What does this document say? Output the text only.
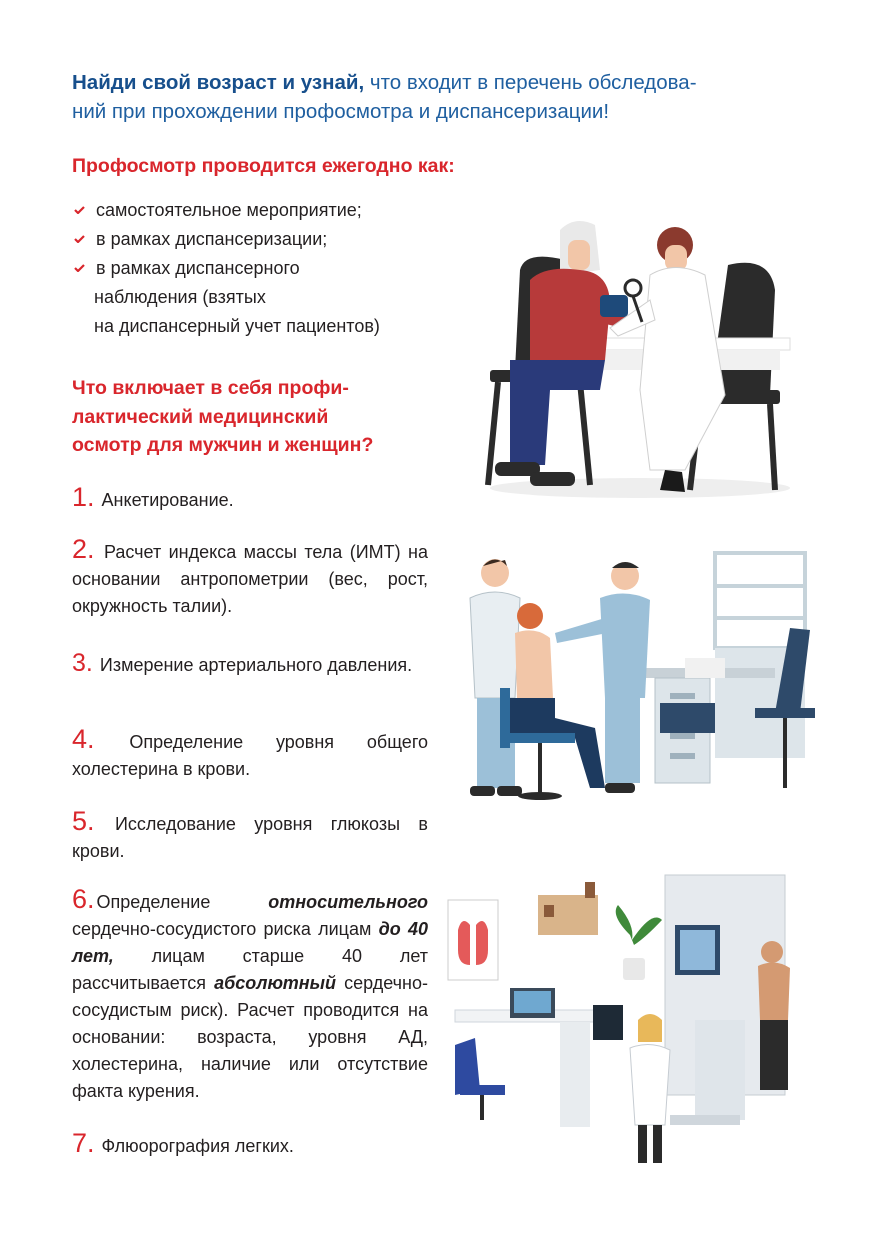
Найди свой возраст и узнай, что входит в перечень обследова-
ний при прохождении профосмотра и диспансеризации!
Профосмотр проводится ежегодно как:
самостоятельное мероприятие;
в рамках диспансеризации;
в рамках диспансерного
наблюдения (взятых
на диспансерный учет пациентов)
Что включает в себя профи-
лактический медицинский
осмотр для мужчин и женщин?
1. Анкетирование.
2. Расчет индекса массы тела (ИМТ) на основании антропометрии (вес, рост, окружность талии).
3. Измерение артериального давления.
4. Определение уровня общего холестерина в крови.
5. Исследование уровня глюкозы в крови.
6. Определение относительного сердечно-сосудистого риска лицам до 40 лет, лицам старше 40 лет рассчитывается абсолютный сердечно-сосудистым риск). Расчет проводится на основании: возраста, уровня АД, холестерина, наличие или отсутствие факта курения.
7. Флюорография легких.
